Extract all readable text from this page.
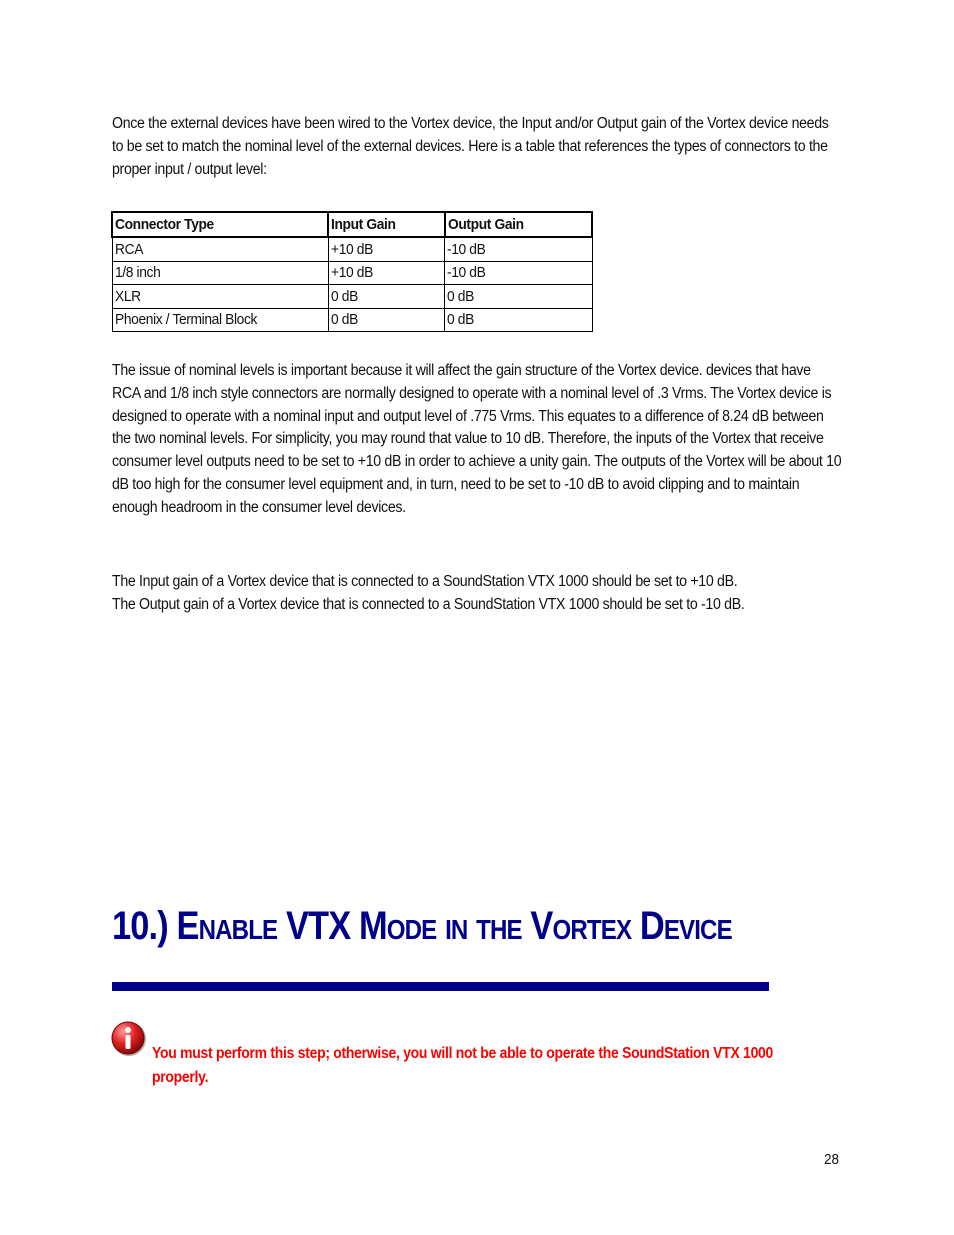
Once the external devices have been wired to the Vortex device, the Input and/or Output gain of the Vortex device needs to be set to match the nominal level of the external devices. Here is a table that references the types of connectors to the proper input / output level:
Connector Type	Input Gain	Output Gain
RCA	+10 dB	-10 dB
1/8 inch	+10 dB	-10 dB
XLR	0 dB	0 dB
Phoenix / Terminal Block	0 dB	0 dB
The issue of nominal levels is important because it will affect the gain structure of the Vortex device. devices that have RCA and 1/8 inch style connectors are normally designed to operate with a nominal level of .3 Vrms. The Vortex device is designed to operate with a nominal input and output level of .775 Vrms. This equates to a difference of 8.24 dB between the two nominal levels. For simplicity, you may round that value to 10 dB. Therefore, the inputs of the Vortex that receive consumer level outputs need to be set to +10 dB in order to achieve a unity gain. The outputs of the Vortex will be about 10 dB too high for the consumer level equipment and, in turn, need to be set to -10 dB to avoid clipping and to maintain enough headroom in the consumer level devices.
The Input gain of a Vortex device that is connected to a SoundStation VTX 1000 should be set to +10 dB.
The Output gain of a Vortex device that is connected to a SoundStation VTX 1000 should be set to -10 dB.
10.) Enable VTX Mode in the Vortex Device
You must perform this step; otherwise, you will not be able to operate the SoundStation VTX 1000 properly.
28
